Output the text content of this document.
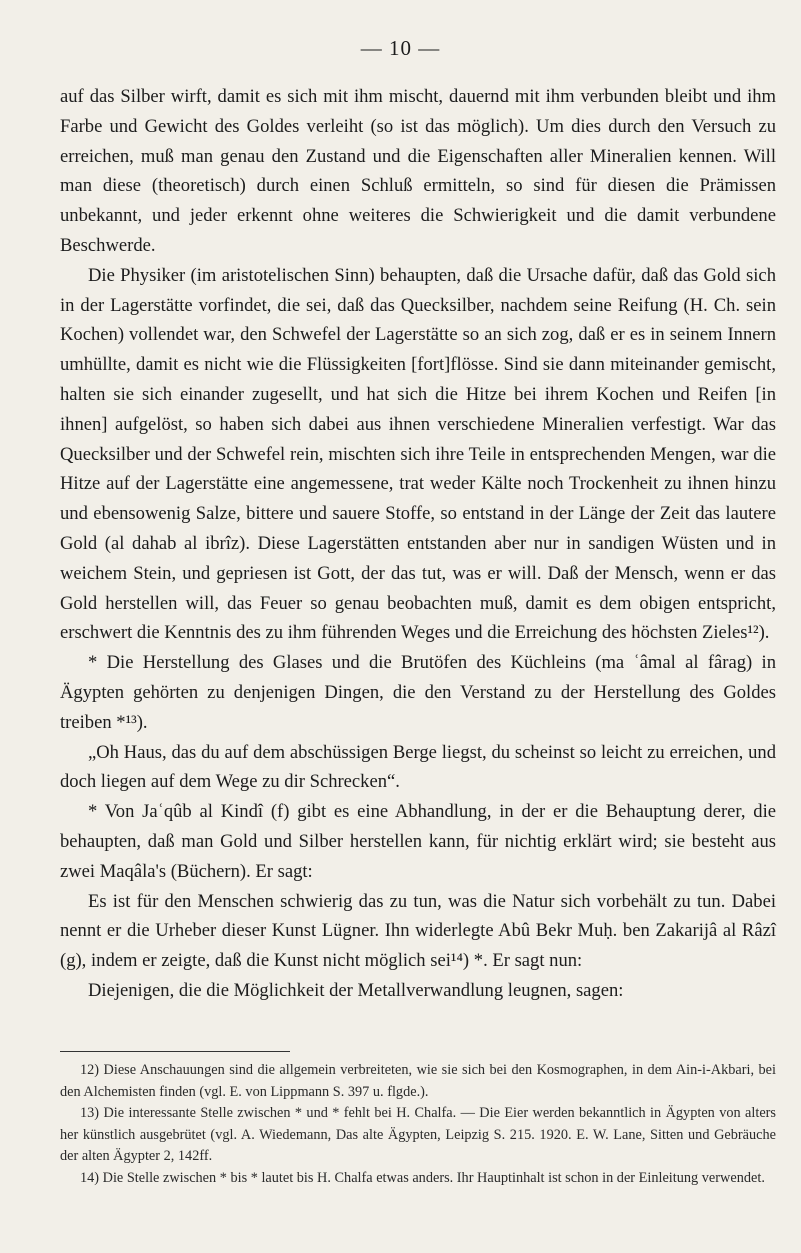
— 10 —

auf das Silber wirft, damit es sich mit ihm mischt, dauernd mit ihm verbunden bleibt und ihm Farbe und Gewicht des Goldes verleiht (so ist das möglich). Um dies durch den Versuch zu erreichen, muß man genau den Zustand und die Eigenschaften aller Mineralien kennen. Will man diese (theoretisch) durch einen Schluß ermitteln, so sind für diesen die Prämissen unbekannt, und jeder erkennt ohne weiteres die Schwierigkeit und die damit verbundene Beschwerde.

Die Physiker (im aristotelischen Sinn) behaupten, daß die Ursache dafür, daß das Gold sich in der Lagerstätte vorfindet, die sei, daß das Quecksilber, nachdem seine Reifung (H. Ch. sein Kochen) vollendet war, den Schwefel der Lagerstätte so an sich zog, daß er es in seinem Innern umhüllte, damit es nicht wie die Flüssigkeiten [fort]flösse. Sind sie dann miteinander gemischt, halten sie sich einander zugesellt, und hat sich die Hitze bei ihrem Kochen und Reifen [in ihnen] aufgelöst, so haben sich dabei aus ihnen verschiedene Mineralien verfestigt. War das Quecksilber und der Schwefel rein, mischten sich ihre Teile in entsprechenden Mengen, war die Hitze auf der Lagerstätte eine angemessene, trat weder Kälte noch Trockenheit zu ihnen hinzu und ebensowenig Salze, bittere und sauere Stoffe, so entstand in der Länge der Zeit das lautere Gold (al dahab al ibrîz). Diese Lagerstätten entstanden aber nur in sandigen Wüsten und in weichem Stein, und gepriesen ist Gott, der das tut, was er will. Daß der Mensch, wenn er das Gold herstellen will, das Feuer so genau beobachten muß, damit es dem obigen entspricht, erschwert die Kenntnis des zu ihm führenden Weges und die Erreichung des höchsten Zieles¹²).

* Die Herstellung des Glases und die Brutöfen des Küchleins (ma ʿâmal al fârag) in Ägypten gehörten zu denjenigen Dingen, die den Verstand zu der Herstellung des Goldes treiben *¹³).

„Oh Haus, das du auf dem abschüssigen Berge liegst, du scheinst so leicht zu erreichen, und doch liegen auf dem Wege zu dir Schrecken“.

* Von Jaʿqûb al Kindî (f) gibt es eine Abhandlung, in der er die Behauptung derer, die behaupten, daß man Gold und Silber herstellen kann, für nichtig erklärt wird; sie besteht aus zwei Maqâla's (Büchern). Er sagt:

Es ist für den Menschen schwierig das zu tun, was die Natur sich vorbehält zu tun. Dabei nennt er die Urheber dieser Kunst Lügner. Ihn widerlegte Abû Bekr Muḥ. ben Zakarijâ al Râzî (g), indem er zeigte, daß die Kunst nicht möglich sei¹⁴) *. Er sagt nun:

Diejenigen, die die Möglichkeit der Metallverwandlung leugnen, sagen:

12) Diese Anschauungen sind die allgemein verbreiteten, wie sie sich bei den Kosmographen, in dem Ain-i-Akbari, bei den Alchemisten finden (vgl. E. von Lippmann S. 397 u. flgde.).

13) Die interessante Stelle zwischen * und * fehlt bei H. Chalfa. — Die Eier werden bekanntlich in Ägypten von alters her künstlich ausgebrütet (vgl. A. Wiedemann, Das alte Ägypten, Leipzig S. 215. 1920. E. W. Lane, Sitten und Gebräuche der alten Ägypter 2, 142ff.

14) Die Stelle zwischen * bis * lautet bis H. Chalfa etwas anders. Ihr Hauptinhalt ist schon in der Einleitung verwendet.
